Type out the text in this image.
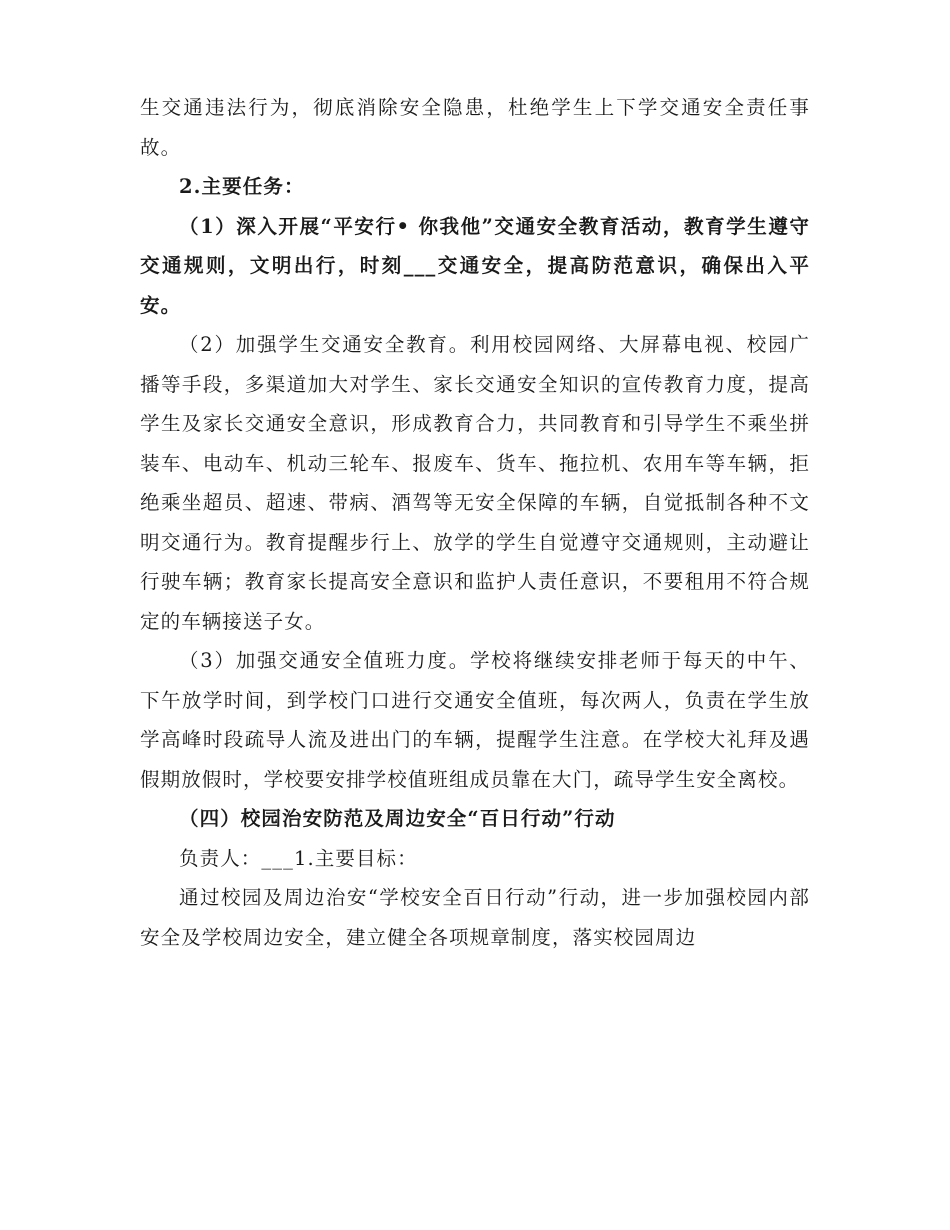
生交通违法行为，彻底消除安全隐患，杜绝学生上下学交通安全责任事故。

2.主要任务：

（1）深入开展“平安行• 你我他”交通安全教育活动，教育学生遵守交通规则，文明出行，时刻___交通安全，提高防范意识，确保出入平安。

（2）加强学生交通安全教育。利用校园网络、大屏幕电视、校园广播等手段，多渠道加大对学生、家长交通安全知识的宣传教育力度，提高学生及家长交通安全意识，形成教育合力，共同教育和引导学生不乘坐拼装车、电动车、机动三轮车、报废车、货车、拖拉机、农用车等车辆，拒绝乘坐超员、超速、带病、酒驾等无安全保障的车辆，自觉抵制各种不文明交通行为。教育提醒步行上、放学的学生自觉遵守交通规则，主动避让行驶车辆；教育家长提高安全意识和监护人责任意识，不要租用不符合规定的车辆接送子女。

（3）加强交通安全值班力度。学校将继续安排老师于每天的中午、下午放学时间，到学校门口进行交通安全值班，每次两人，负责在学生放学高峰时段疏导人流及进出门的车辆，提醒学生注意。在学校大礼拜及遇假期放假时，学校要安排学校值班组成员靠在大门，疏导学生安全离校。

（四）校园治安防范及周边安全“百日行动”行动

负责人：___1.主要目标：

通过校园及周边治安“学校安全百日行动”行动，进一步加强校园内部安全及学校周边安全，建立健全各项规章制度，落实校园周边
